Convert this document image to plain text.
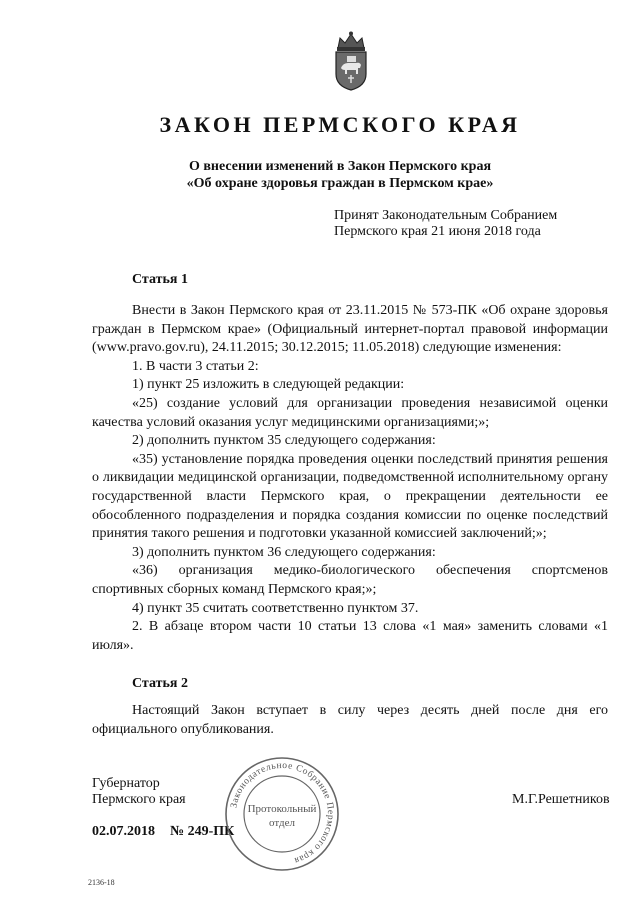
ЗАКОН ПЕРМСКОГО КРАЯ
О внесении изменений в Закон Пермского края
«Об охране здоровья граждан в Пермском крае»
Принят Законодательным Собранием
Пермского края 21 июня 2018 года
Статья 1

Внести в Закон Пермского края от 23.11.2015 № 573-ПК «Об охране здоровья граждан в Пермском крае» (Официальный интернет-портал правовой информации (www.pravo.gov.ru), 24.11.2015; 30.12.2015; 11.05.2018) следующие изменения:

1. В части 3 статьи 2:

1) пункт 25 изложить в следующей редакции:

«25) создание условий для организации проведения независимой оценки качества условий оказания услуг медицинскими организациями;»;

2) дополнить пунктом 35 следующего содержания:

«35) установление порядка проведения оценки последствий принятия решения о ликвидации медицинской организации, подведомственной исполнительному органу государственной власти Пермского края, о прекращении деятельности ее обособленного подразделения и порядка создания комиссии по оценке последствий принятия такого решения и подготовки указанной комиссией заключений;»;

3) дополнить пунктом 36 следующего содержания:

«36) организация медико-биологического обеспечения спортсменов спортивных сборных команд Пермского края;»;

4) пункт 35 считать соответственно пунктом 37.

2. В абзаце втором части 10 статьи 13 слова «1 мая» заменить словами «1 июля».

Статья 2

Настоящий Закон вступает в силу через десять дней после дня его официального опубликования.

Губернатор
Пермского края	М.Г.Решетников
02.07.2018 № 249-ПК
Законодательное Собрание Пермского края
Протокольный
отдел
2136-18
